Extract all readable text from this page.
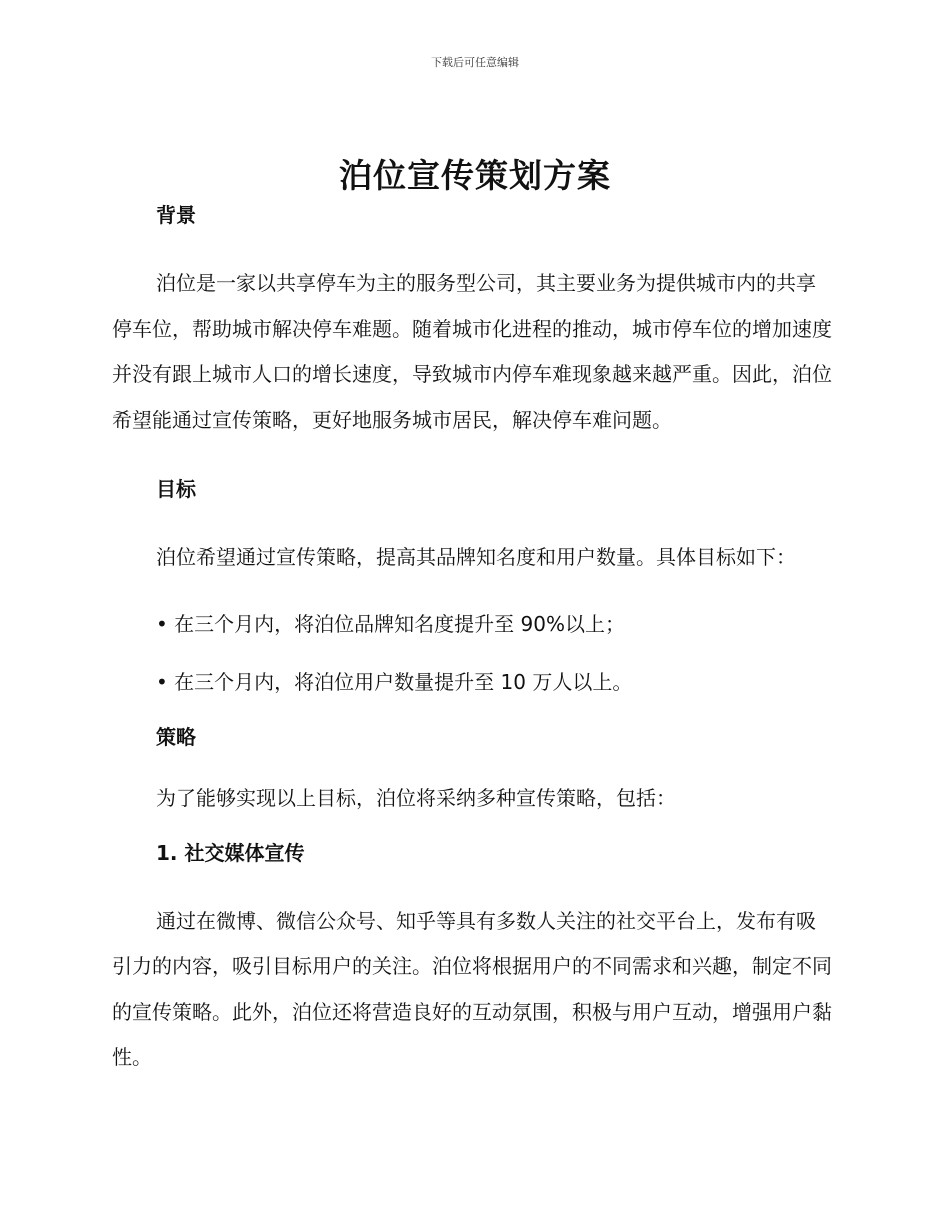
下载后可任意编辑
泊位宣传策划方案
背景
泊位是一家以共享停车为主的服务型公司，其主要业务为提供城市内的共享停车位，帮助城市解决停车难题。随着城市化进程的推动，城市停车位的增加速度并没有跟上城市人口的增长速度，导致城市内停车难现象越来越严重。因此，泊位希望能通过宣传策略，更好地服务城市居民，解决停车难问题。
目标
泊位希望通过宣传策略，提高其品牌知名度和用户数量。具体目标如下：
• 在三个月内，将泊位品牌知名度提升至 90%以上；
• 在三个月内，将泊位用户数量提升至 10 万人以上。
策略
为了能够实现以上目标，泊位将采纳多种宣传策略，包括：
1. 社交媒体宣传
通过在微博、微信公众号、知乎等具有多数人关注的社交平台上，发布有吸引力的内容，吸引目标用户的关注。泊位将根据用户的不同需求和兴趣，制定不同的宣传策略。此外，泊位还将营造良好的互动氛围，积极与用户互动，增强用户黏性。
